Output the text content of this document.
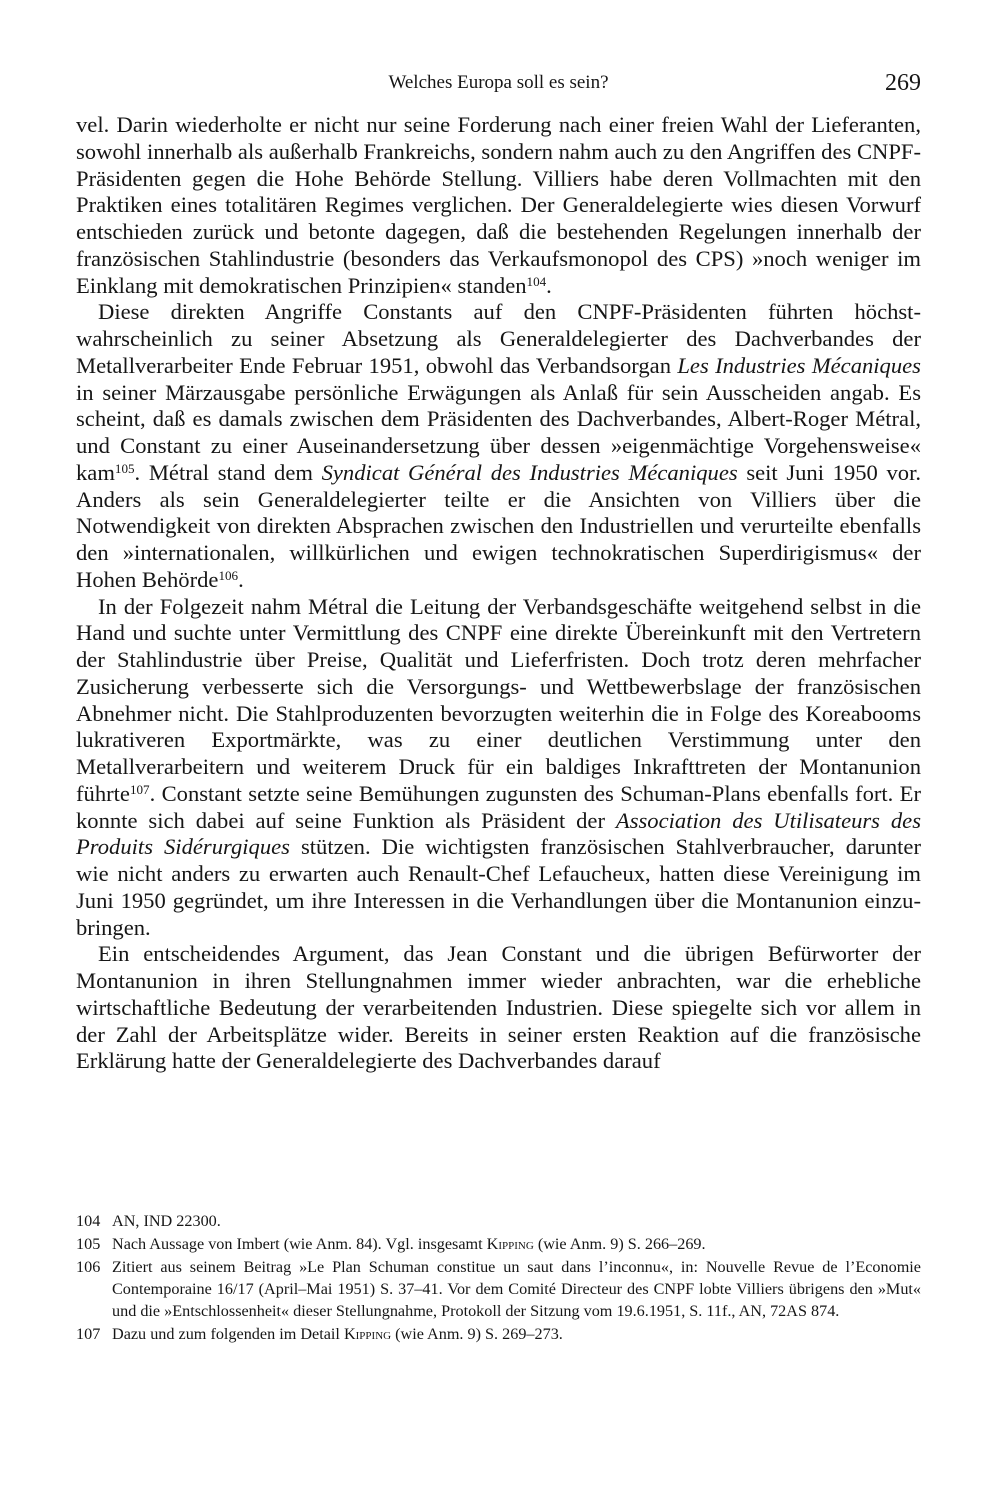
Welches Europa soll es sein?	269

vel. Darin wiederholte er nicht nur seine Forderung nach einer freien Wahl der Lieferanten, sowohl innerhalb als außerhalb Frankreichs, sondern nahm auch zu den Angriffen des CNPF-Präsidenten gegen die Hohe Behörde Stellung. Villiers habe deren Vollmachten mit den Praktiken eines totalitären Regimes verglichen. Der Generaldelegierte wies diesen Vorwurf entschieden zurück und betonte dagegen, daß die bestehenden Regelungen innerhalb der französischen Stahlindustrie (besonders das Verkaufsmonopol des CPS) »noch weniger im Einklang mit demokratischen Prinzipien« standen$^{104}$.

Diese direkten Angriffe Constants auf den CNPF-Präsidenten führten höchstwahrscheinlich zu seiner Absetzung als Generaldelegierter des Dachverbandes der Metallverarbeiter Ende Februar 1951, obwohl das Verbandsorgan Les Industries Mécaniques in seiner Märzausgabe persönliche Erwägungen als Anlaß für sein Ausscheiden angab. Es scheint, daß es damals zwischen dem Präsidenten des Dachverbandes, Albert-Roger Métral, und Constant zu einer Auseinandersetzung über dessen »eigenmächtige Vorgehensweise« kam$^{105}$. Métral stand dem Syndicat Général des Industries Mécaniques seit Juni 1950 vor. Anders als sein Generaldelegierter teilte er die Ansichten von Villiers über die Notwendigkeit von direkten Absprachen zwischen den Industriellen und verurteilte ebenfalls den »internationalen, willkürlichen und ewigen technokratischen Superdirigismus« der Hohen Behörde$^{106}$.

In der Folgezeit nahm Métral die Leitung der Verbandsgeschäfte weitgehend selbst in die Hand und suchte unter Vermittlung des CNPF eine direkte Übereinkunft mit den Vertretern der Stahlindustrie über Preise, Qualität und Lieferfristen. Doch trotz deren mehrfacher Zusicherung verbesserte sich die Versorgungs- und Wettbewerbslage der französischen Abnehmer nicht. Die Stahlproduzenten bevorzugten weiterhin die in Folge des Koreabooms lukrativeren Exportmärkte, was zu einer deutlichen Verstimmung unter den Metallverarbeitern und weiterem Druck für ein baldiges Inkrafttreten der Montanunion führte$^{107}$. Constant setzte seine Bemühungen zugunsten des Schuman-Plans ebenfalls fort. Er konnte sich dabei auf seine Funktion als Präsident der Association des Utilisateurs des Produits Sidérurgiques stützen. Die wichtigsten französischen Stahlverbraucher, darunter wie nicht anders zu erwarten auch Renault-Chef Lefaucheux, hatten diese Vereinigung im Juni 1950 gegründet, um ihre Interessen in die Verhandlungen über die Montanunion einzubringen.

Ein entscheidendes Argument, das Jean Constant und die übrigen Befürworter der Montanunion in ihren Stellungnahmen immer wieder anbrachten, war die erhebliche wirtschaftliche Bedeutung der verarbeitenden Industrien. Diese spiegelte sich vor allem in der Zahl der Arbeitsplätze wider. Bereits in seiner ersten Reaktion auf die französische Erklärung hatte der Generaldelegierte des Dachverbandes darauf

104 AN, IND 22300.

105 Nach Aussage von Imbert (wie Anm. 84). Vgl. insgesamt Kipping (wie Anm. 9) S. 266–269.

106 Zitiert aus seinem Beitrag »Le Plan Schuman constitue un saut dans l’inconnu«, in: Nouvelle Revue de l’Economie Contemporaine 16/17 (April–Mai 1951) S. 37–41. Vor dem Comité Directeur des CNPF lobte Villiers übrigens den »Mut« und die »Entschlossenheit« dieser Stellungnahme, Protokoll der Sitzung vom 19.6.1951, S. 11f., AN, 72AS 874.

107 Dazu und zum folgenden im Detail Kipping (wie Anm. 9) S. 269–273.
